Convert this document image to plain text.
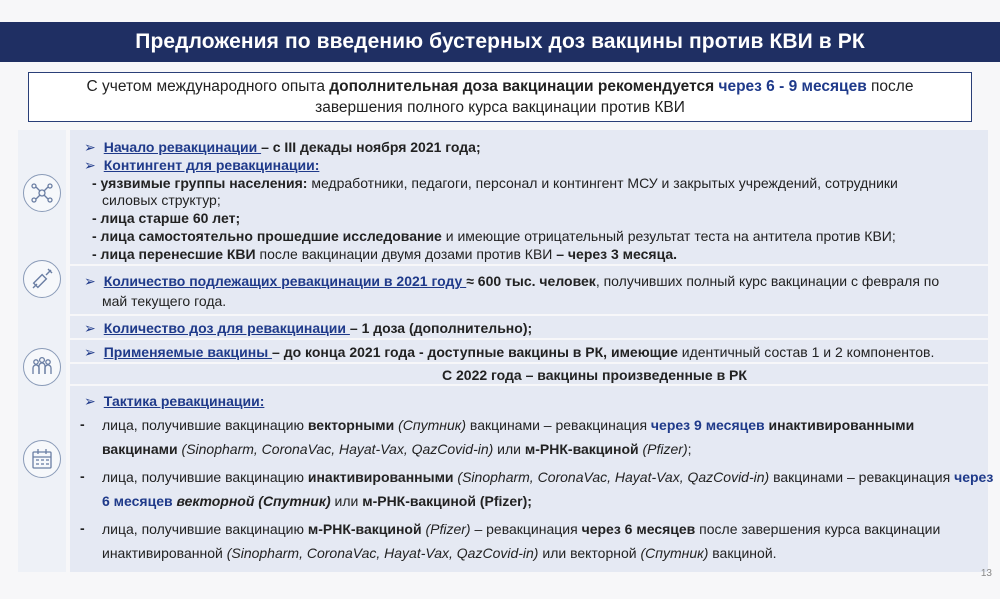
Предложения по введению бустерных доз вакцины против КВИ в РК
С учетом международного опыта дополнительная доза вакцинации рекомендуется через 6 - 9 месяцев после
завершения полного курса вакцинации против КВИ
➢ Начало ревакцинации – с III декады ноября 2021 года;
➢ Контингент для ревакцинации:
- уязвимые группы населения: медработники, педагоги, персонал и контингент МСУ и закрытых учреждений, сотрудники
силовых структур;
- лица старше 60 лет;
- лица самостоятельно прошедшие исследование и имеющие отрицательный результат теста на антитела против КВИ;
- лица перенесшие КВИ после вакцинации двумя дозами против КВИ – через 3 месяца.
➢ Количество подлежащих ревакцинации в 2021 году ≈ 600 тыс. человек, получивших полный курс вакцинации с февраля по
май текущего года.
➢ Количество доз для ревакцинации – 1 доза (дополнительно);
➢ Применяемые вакцины – до конца 2021 года - доступные вакцины в РК, имеющие идентичный состав 1 и 2 компонентов.
С 2022 года – вакцины произведенные в РК
➢ Тактика ревакцинации:
- лица, получившие вакцинацию векторными (Спутник) вакцинами – ревакцинация через 9 месяцев инактивированными
вакцинами (Sinopharm, CoronaVac, Hayat-Vax, QazCovid-in) или м-РНК-вакциной (Pfizer);
- лица, получившие вакцинацию инактивированными (Sinopharm, CoronaVac, Hayat-Vax, QazCovid-in) вакцинами – ревакцинация через
6 месяцев векторной (Спутник) или м-РНК-вакциной (Pfizer);
- лица, получившие вакцинацию м-РНК-вакциной (Pfizer) – ревакцинация через 6 месяцев после завершения курса вакцинации
инактивированной (Sinopharm, CoronaVac, Hayat-Vax, QazCovid-in) или векторной (Спутник) вакциной.
13
